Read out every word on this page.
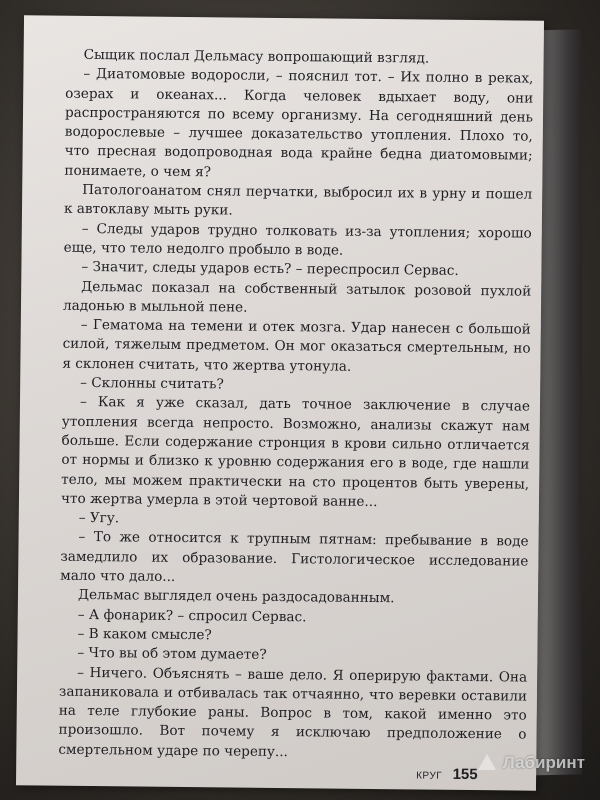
Сыщик послал Дельмасу вопрошающий взгляд.

– Диатомовые водоросли, – пояснил тот. – Их полно в реках, озерах и океанах... Когда человек вдыхает воду, они распространяются по всему организму. На сегодняшний день водорослевые – лучшее доказательство утопления. Плохо то, что пресная водопроводная вода крайне бедна диатомовыми; понимаете, о чем я?

Патологоанатом снял перчатки, выбросил их в урну и пошел к автоклаву мыть руки.

– Следы ударов трудно толковать из-за утопления; хорошо еще, что тело недолго пробыло в воде.

– Значит, следы ударов есть? – переспросил Сервас.

Дельмас показал на собственный затылок розовой пухлой ладонью в мыльной пене.

– Гематома на темени и отек мозга. Удар нанесен с большой силой, тяжелым предметом. Он мог оказаться смертельным, но я склонен считать, что жертва утонула.

– Склонны считать?

– Как я уже сказал, дать точное заключение в случае утопления всегда непросто. Возможно, анализы скажут нам больше. Если содержание стронция в крови сильно отличается от нормы и близко к уровню содержания его в воде, где нашли тело, мы можем практически на сто процентов быть уверены, что жертва умерла в этой чертовой ванне...

– Угу.

– То же относится к трупным пятнам: пребывание в воде замедлило их образование. Гистологическое исследование мало что дало...

Дельмас выглядел очень раздосадованным.

– А фонарик? – спросил Сервас.

– В каком смысле?

– Что вы об этом думаете?

– Ничего. Объяснять – ваше дело. Я оперирую фактами. Она запаниковала и отбивалась так отчаянно, что веревки оставили на теле глубокие раны. Вопрос в том, какой именно это произошло. Вот почему я исключаю предположение о смертельном ударе по черепу...

КРУГ 155
Лабиринт
